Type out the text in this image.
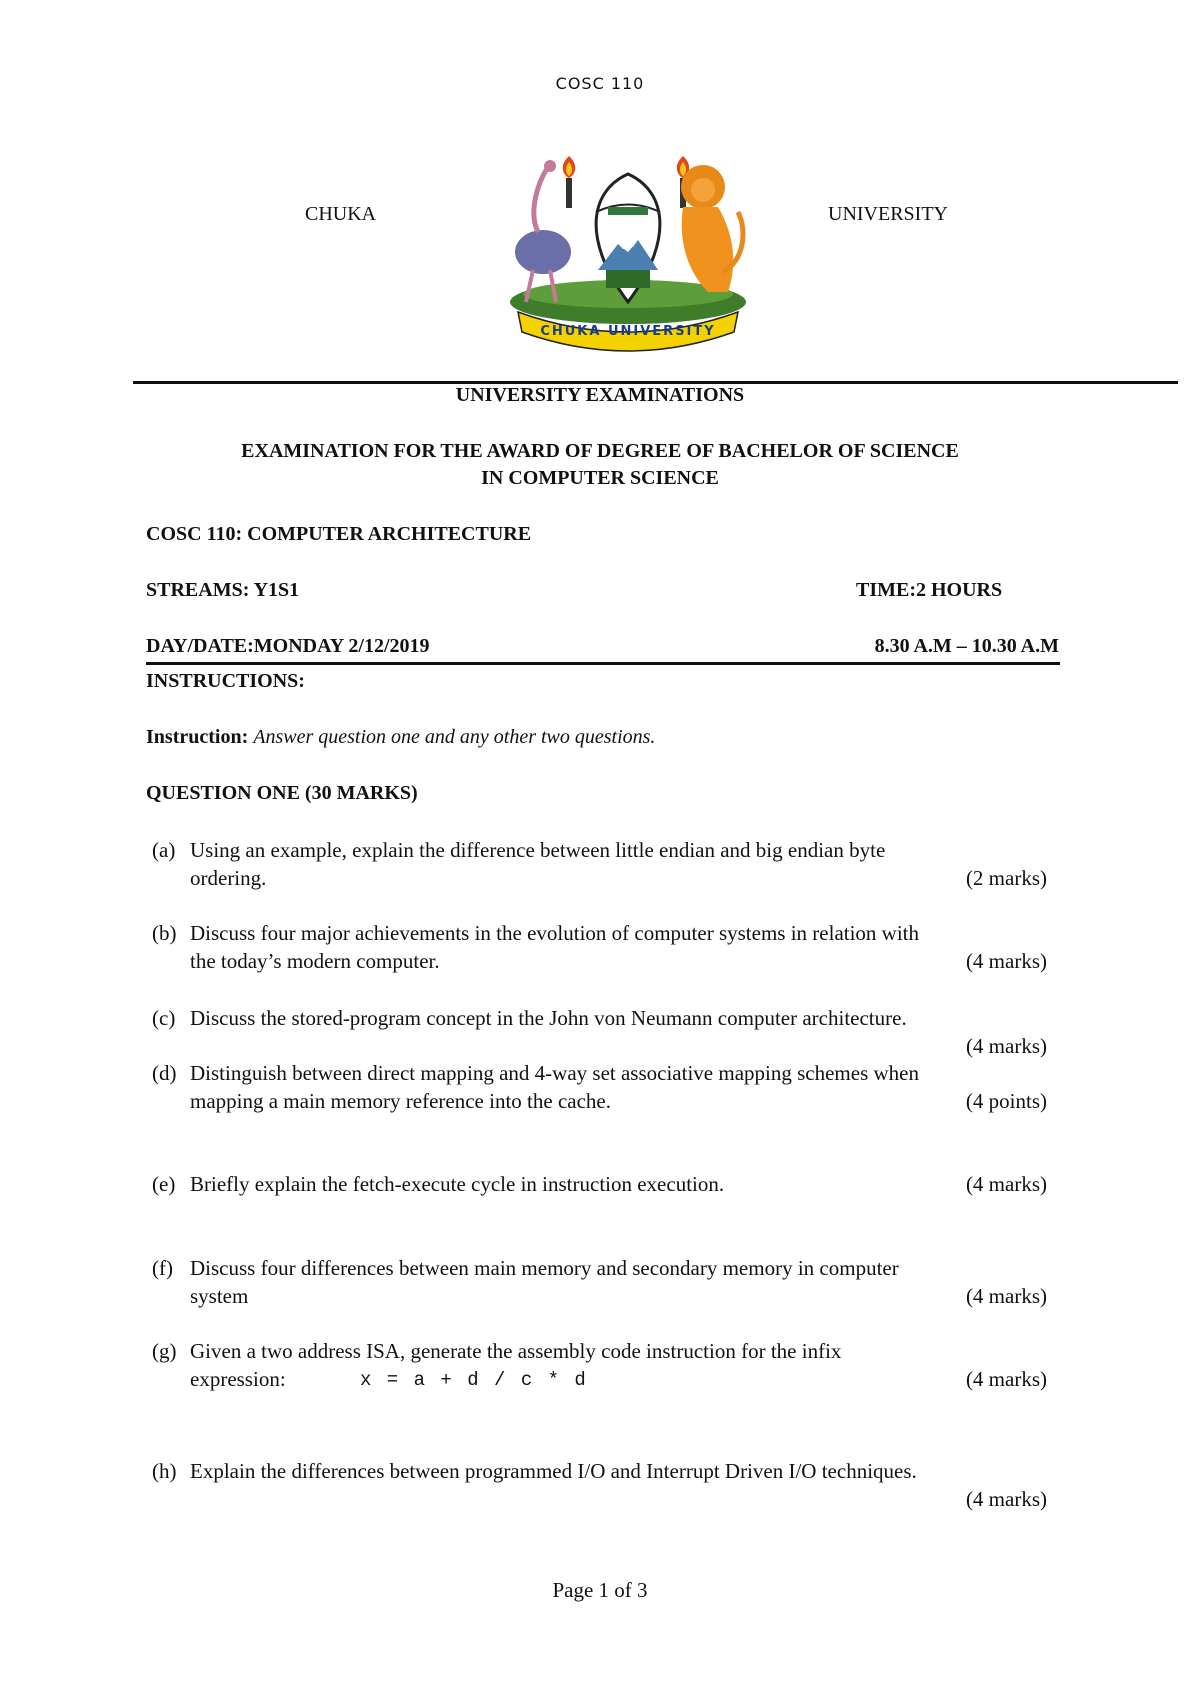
COSC 110
CHUKA	UNIVERSITY
CHUKA UNIVERSITY
UNIVERSITY EXAMINATIONS
EXAMINATION FOR THE AWARD OF DEGREE OF BACHELOR OF SCIENCE
IN COMPUTER SCIENCE
COSC 110: COMPUTER ARCHITECTURE
STREAMS: Y1S1	TIME:2 HOURS
DAY/DATE:MONDAY 2/12/2019	8.30 A.M – 10.30 A.M
INSTRUCTIONS:
Instruction: Answer question one and any other two questions.
QUESTION ONE (30 MARKS)
(a) Using an example, explain the difference between little endian and big endian byte
ordering.	(2 marks)
(b) Discuss four major achievements in the evolution of computer systems in relation with
the today’s modern computer.	(4 marks)
(c) Discuss the stored-program concept in the John von Neumann computer architecture.
(4 marks)
(d) Distinguish between direct mapping and 4-way set associative mapping schemes when
mapping a main memory reference into the cache.	(4 points)
(e) Briefly explain the fetch-execute cycle in instruction execution.	(4 marks)
(f) Discuss four differences between main memory and secondary memory in computer
system	(4 marks)
(g) Given a two address ISA, generate the assembly code instruction for the infix
expression:	x = a + d / c * d	(4 marks)
(h) Explain the differences between programmed I/O and Interrupt Driven I/O techniques.
(4 marks)
Page 1 of 3
